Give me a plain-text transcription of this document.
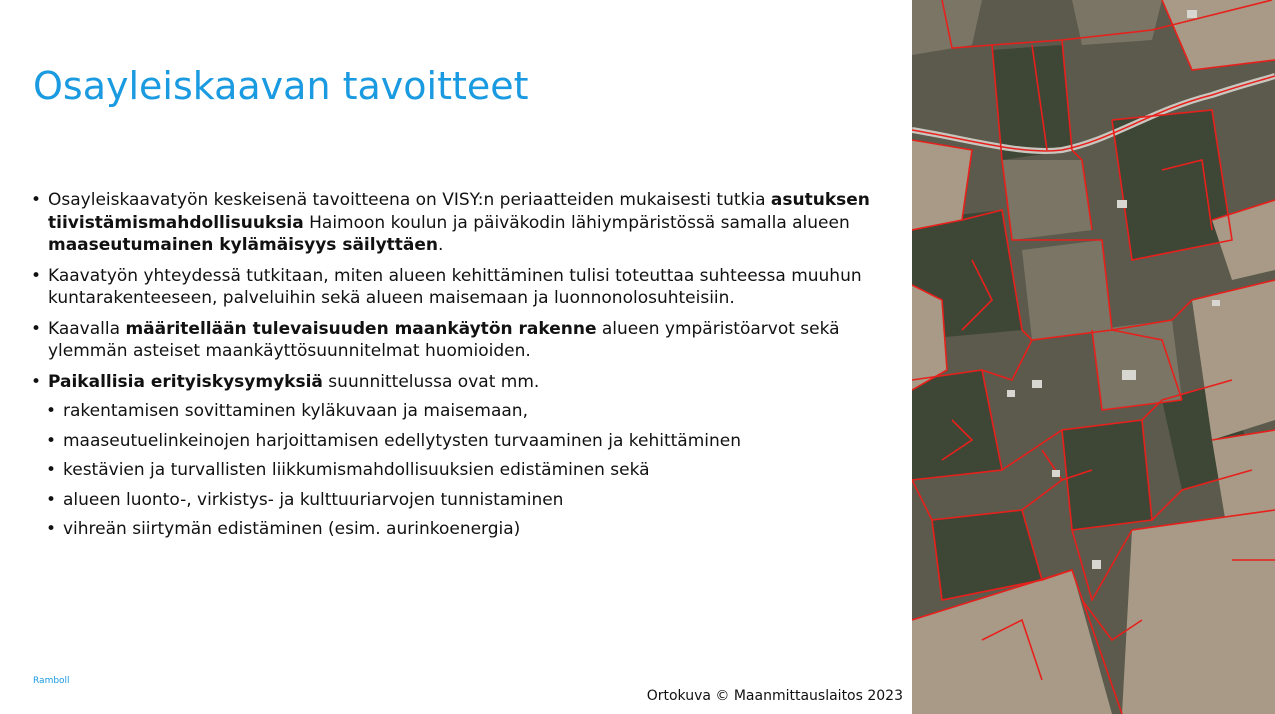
Osayleiskaavan tavoitteet
• Osayleiskaavatyön keskeisenä tavoitteena on VISY:n periaatteiden mukaisesti tutkia asutuksen tiivistämismahdollisuuksia Haimoon koulun ja päiväkodin lähiympäristössä samalla alueen maaseutumainen kylämäisyys säilyttäen.
• Kaavatyön yhteydessä tutkitaan, miten alueen kehittäminen tulisi toteuttaa suhteessa muuhun kuntarakenteeseen, palveluihin sekä alueen maisemaan ja luonnonolosuhteisiin.
• Kaavalla määritellään tulevaisuuden maankäytön rakenne alueen ympäristöarvot sekä ylemmän asteiset maankäyttösuunnitelmat huomioiden.
• Paikallisia erityiskysymyksiä suunnittelussa ovat mm.
• rakentamisen sovittaminen kyläkuvaan ja maisemaan,
• maaseutuelinkeinojen harjoittamisen edellytysten turvaaminen ja kehittäminen
• kestävien ja turvallisten liikkumismahdollisuuksien edistäminen sekä
• alueen luonto-, virkistys- ja kulttuuriarvojen tunnistaminen
• vihreän siirtymän edistäminen (esim. aurinkoenergia)
Ramboll
Ortokuva © Maanmittauslaitos 2023
